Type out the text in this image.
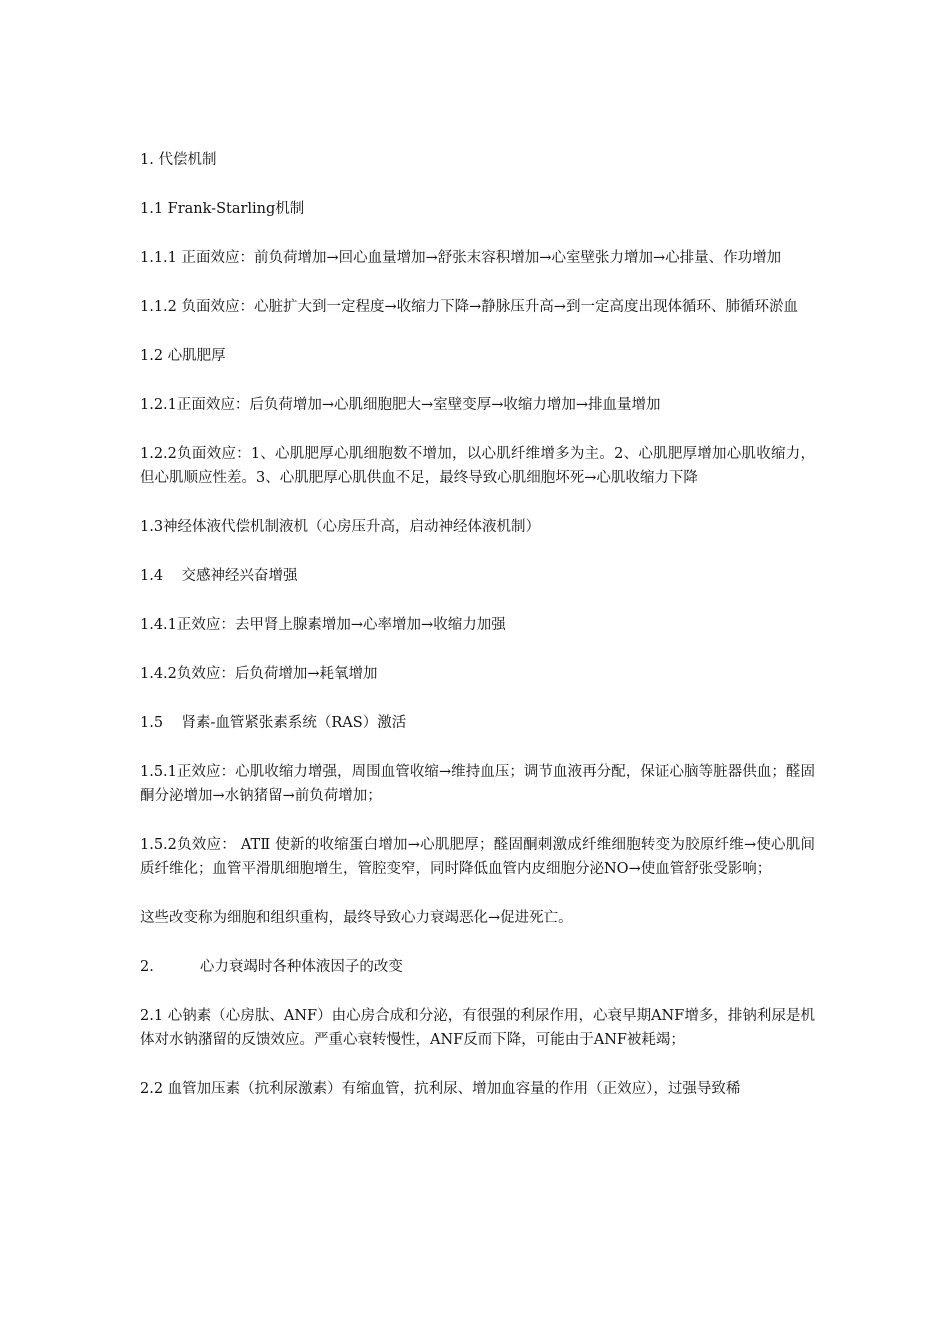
1. 代偿机制

1.1 Frank-Starling机制

1.1.1 正面效应：前负荷增加→回心血量增加→舒张末容积增加→心室壁张力增加→心排量、作功增加

1.1.2 负面效应：心脏扩大到一定程度→收缩力下降→静脉压升高→到一定高度出现体循环、肺循环淤血

1.2 心肌肥厚

1.2.1正面效应：后负荷增加→心肌细胞肥大→室壁变厚→收缩力增加→排血量增加

1.2.2负面效应：1、心肌肥厚心肌细胞数不增加，以心肌纤维增多为主。2、心肌肥厚增加心肌收缩力，但心肌顺应性差。3、心肌肥厚心肌供血不足，最终导致心肌细胞坏死→心肌收缩力下降

1.3神经体液代偿机制液机（心房压升高，启动神经体液机制）

1.4    交感神经兴奋增强

1.4.1正效应：去甲肾上腺素增加→心率增加→收缩力加强

1.4.2负效应：后负荷增加→耗氧增加

1.5    肾素-血管紧张素系统（RAS）激活

1.5.1正效应：心肌收缩力增强，周围血管收缩→维持血压；调节血液再分配，保证心脑等脏器供血；醛固酮分泌增加→水钠猪留→前负荷增加；

1.5.2负效应： ATⅡ 使新的收缩蛋白增加→心肌肥厚；醛固酮刺激成纤维细胞转变为胶原纤维→使心肌间质纤维化；血管平滑肌细胞增生，管腔变窄，同时降低血管内皮细胞分泌NO→使血管舒张受影响；

这些改变称为细胞和组织重构，最终导致心力衰竭恶化→促进死亡。

2.          心力衰竭时各种体液因子的改变

2.1 心钠素（心房肽、ANF）由心房合成和分泌，有很强的利尿作用，心衰早期ANF增多，排钠利尿是机体对水钠潴留的反馈效应。严重心衰转慢性，ANF反而下降，可能由于ANF被耗竭；

2.2 血管加压素（抗利尿激素）有缩血管，抗利尿、增加血容量的作用（正效应），过强导致稀
